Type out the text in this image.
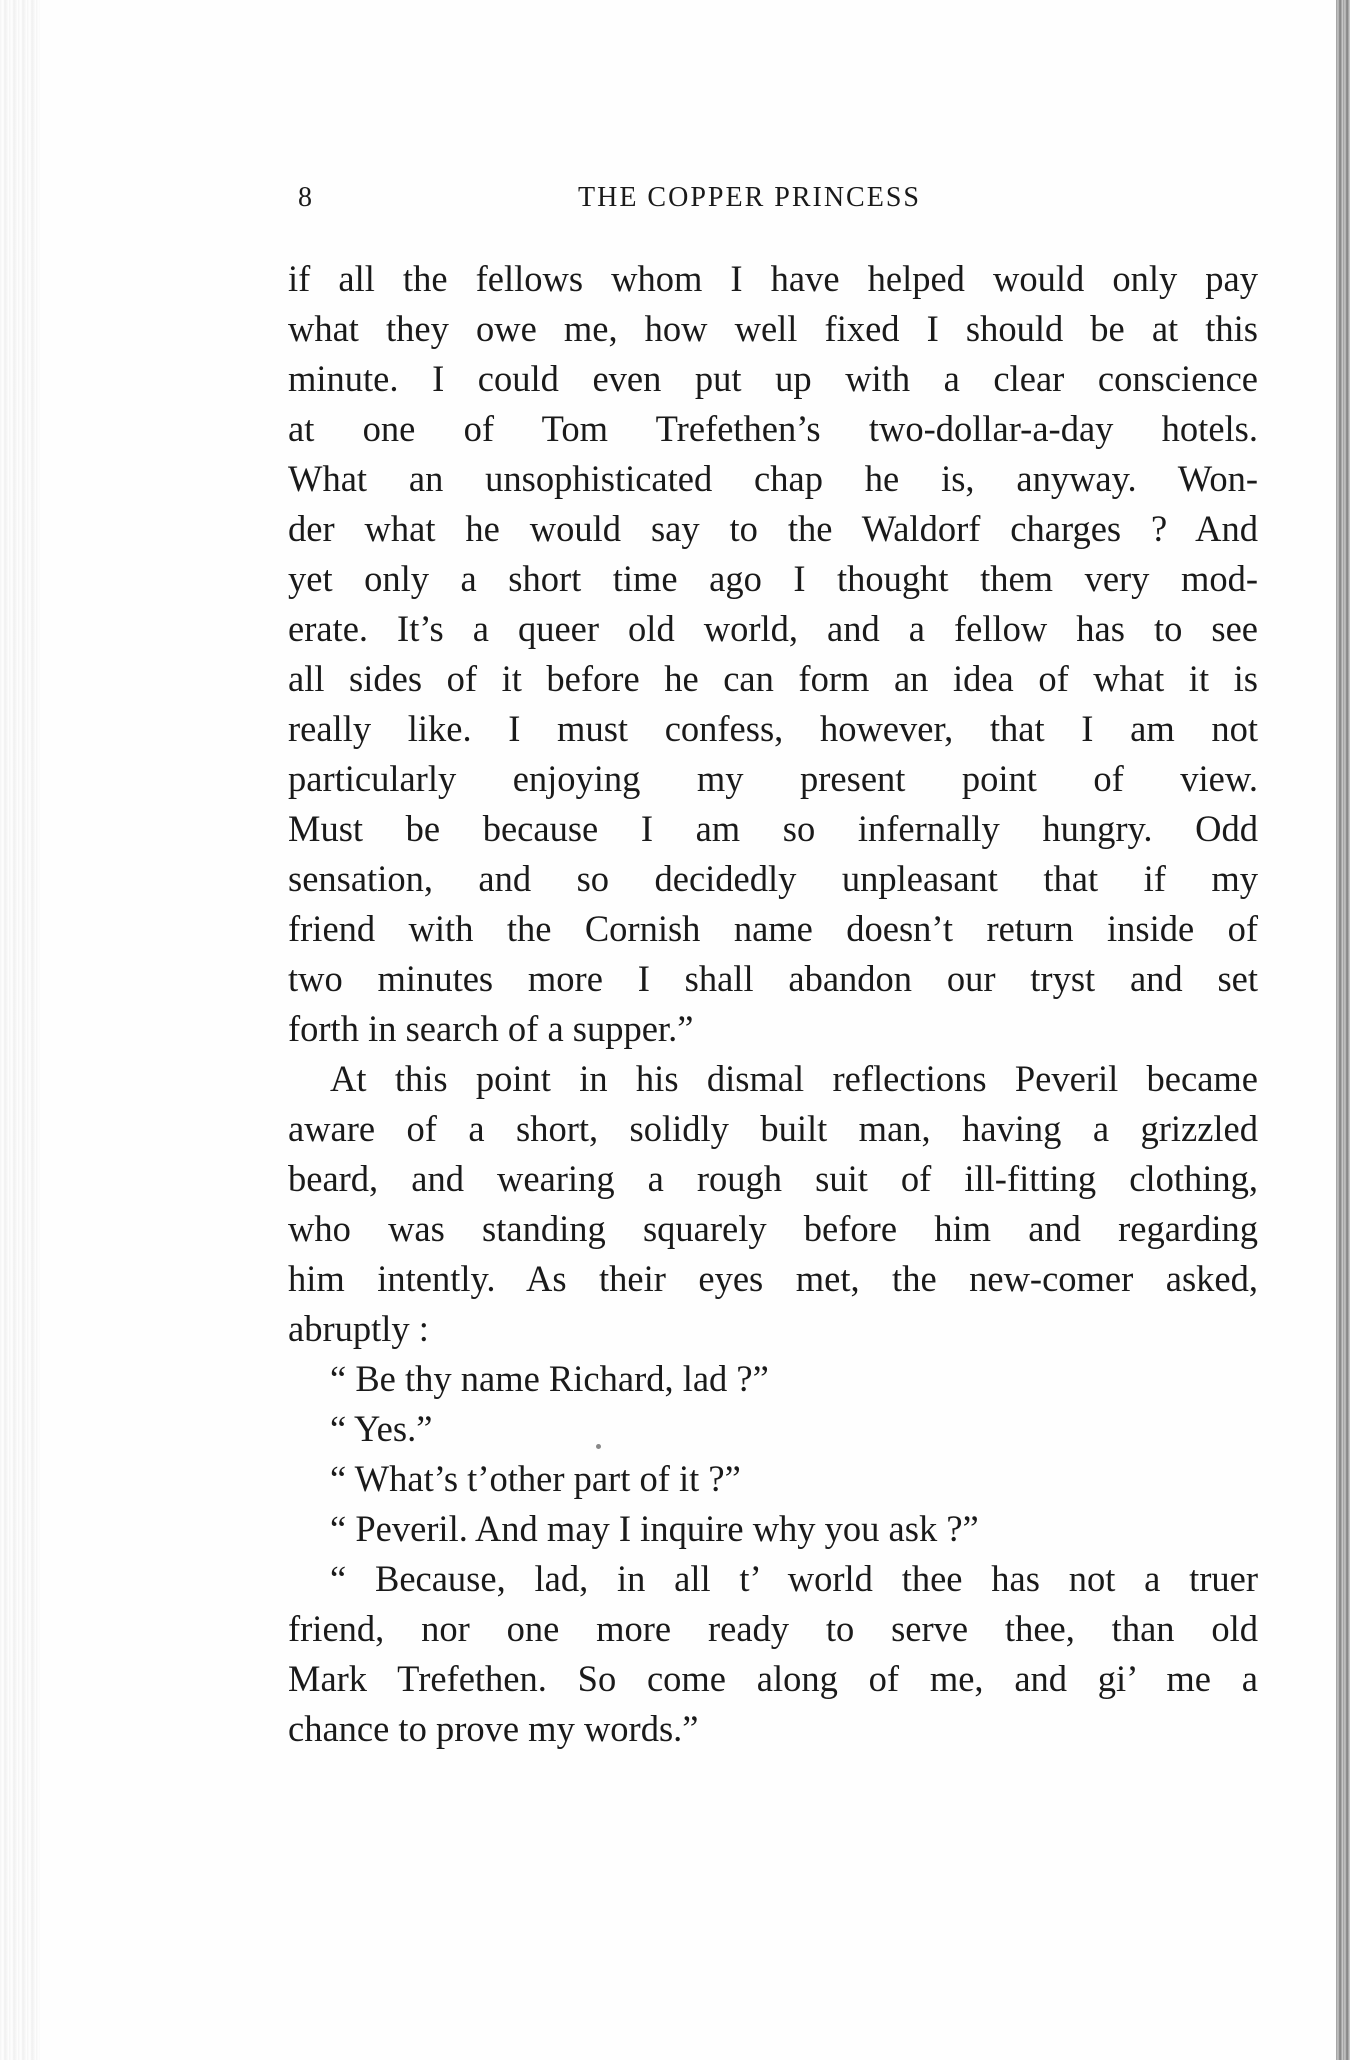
8	THE COPPER PRINCESS
if all the fellows whom I have helped would only pay
what they owe me, how well fixed I should be at this
minute. I could even put up with a clear conscience
at one of Tom Trefethen’s two-dollar-a-day hotels.
What an unsophisticated chap he is, anyway. Won-
der what he would say to the Waldorf charges ? And
yet only a short time ago I thought them very mod-
erate. It’s a queer old world, and a fellow has to see
all sides of it before he can form an idea of what it is
really like. I must confess, however, that I am not
particularly enjoying my present point of view.
Must be because I am so infernally hungry. Odd
sensation, and so decidedly unpleasant that if my
friend with the Cornish name doesn’t return inside of
two minutes more I shall abandon our tryst and set
forth in search of a supper.”
At this point in his dismal reflections Peveril became
aware of a short, solidly built man, having a grizzled
beard, and wearing a rough suit of ill-fitting clothing,
who was standing squarely before him and regarding
him intently. As their eyes met, the new-comer asked,
abruptly :
“ Be thy name Richard, lad ?”
“ Yes.”
“ What’s t’other part of it ?”
“ Peveril. And may I inquire why you ask ?”
“ Because, lad, in all t’ world thee has not a truer
friend, nor one more ready to serve thee, than old
Mark Trefethen. So come along of me, and gi’ me a
chance to prove my words.”
